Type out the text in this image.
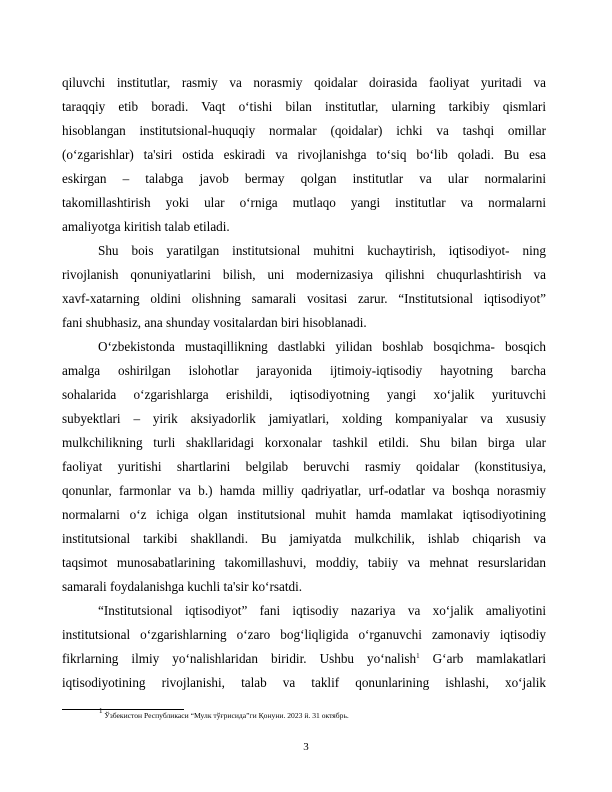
qiluvchi institutlar, rasmiy va norasmiy qoidalar doirasida faoliyat yuritadi va
taraqqiy etib boradi. Vaqt o‘tishi bilan institutlar, ularning tarkibiy qismlari
hisoblangan institutsional-huquqiy normalar (qoidalar) ichki va tashqi omillar
(o‘zgarishlar) ta'siri ostida eskiradi va rivojlanishga to‘siq bo‘lib qoladi. Bu esa
eskirgan – talabga javob bermay qolgan institutlar va ular normalarini
takomillashtirish yoki ular o‘rniga mutlaqo yangi institutlar va normalarni
amaliyotga kiritish talab etiladi.
Shu bois yaratilgan institutsional muhitni kuchaytirish, iqtisodiyot- ning
rivojlanish qonuniyatlarini bilish, uni modernizasiya qilishni chuqurlashtirish va
xavf-xatarning oldini olishning samarali vositasi zarur. “Institutsional iqtisodiyot”
fani shubhasiz, ana shunday vositalardan biri hisoblanadi.
O‘zbekistonda mustaqillikning dastlabki yilidan boshlab bosqichma- bosqich
amalga oshirilgan islohotlar jarayonida ijtimoiy-iqtisodiy hayotning barcha
sohalarida o‘zgarishlarga erishildi, iqtisodiyotning yangi xo‘jalik yurituvchi
subyektlari – yirik aksiyadorlik jamiyatlari, xolding kompaniyalar va xususiy
mulkchilikning turli shakllaridagi korxonalar tashkil etildi. Shu bilan birga ular
faoliyat yuritishi shartlarini belgilab beruvchi rasmiy qoidalar (konstitusiya,
qonunlar, farmonlar va b.) hamda milliy qadriyatlar, urf-odatlar va boshqa norasmiy
normalarni o‘z ichiga olgan institutsional muhit hamda mamlakat iqtisodiyotining
institutsional tarkibi shakllandi. Bu jamiyatda mulkchilik, ishlab chiqarish va
taqsimot munosabatlarining takomillashuvi, moddiy, tabiiy va mehnat resurslaridan
samarali foydalanishga kuchli ta'sir ko‘rsatdi.
“Institutsional iqtisodiyot” fani iqtisodiy nazariya va xo‘jalik amaliyotini
institutsional o‘zgarishlarning o‘zaro bog‘liqligida o‘rganuvchi zamonaviy iqtisodiy
fikrlarning ilmiy yo‘nalishlaridan biridir. Ushbu yo‘nalish$^1$ G‘arb mamlakatlari
iqtisodiyotining rivojlanishi, talab va taklif qonunlarining ishlashi, xo‘jalik
$^1$ Ўзбекистон Республикаси “Мулк тўғрисида”ги Қонуни. 2023 й. 31 октябрь.
3
